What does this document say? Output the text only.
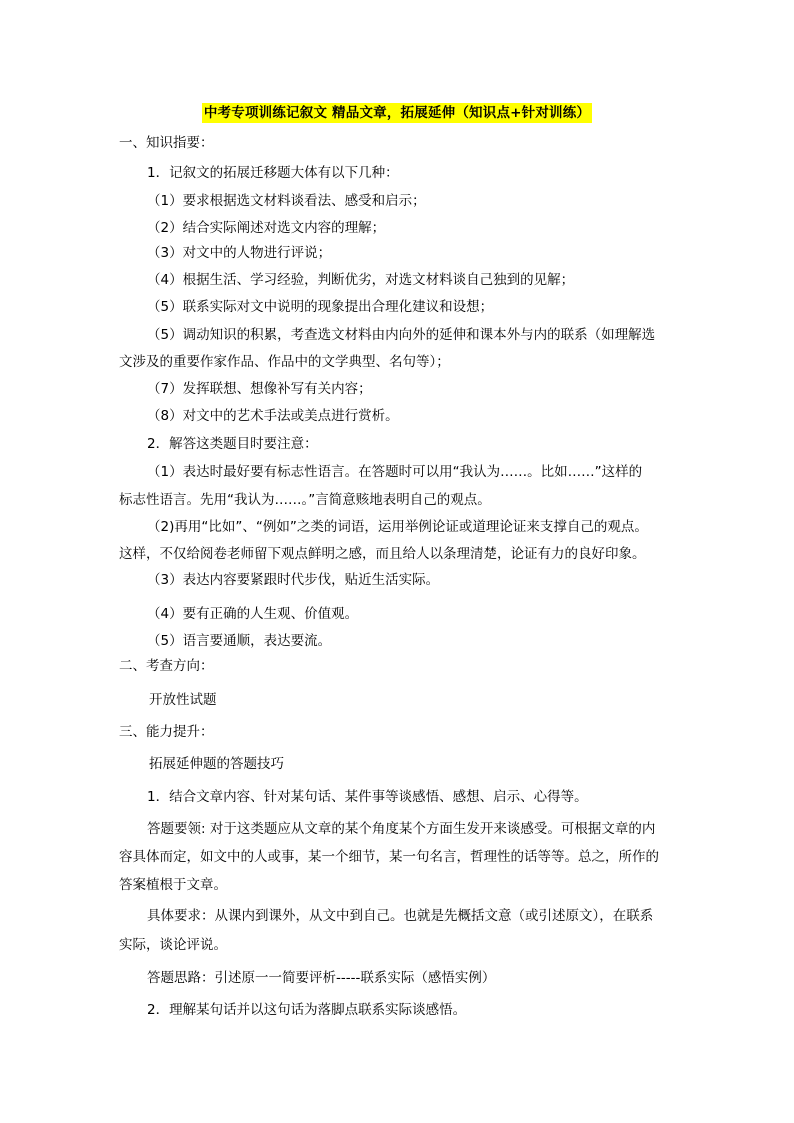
中考专项训练记叙文 精品文章，拓展延伸（知识点+针对训练）
一、知识指要：
1．记叙文的拓展迁移题大体有以下几种：
（1）要求根据选文材料谈看法、感受和启示；
（2）结合实际阐述对选文内容的理解；
（3）对文中的人物进行评说；
（4）根据生活、学习经验，判断优劣，对选文材料谈自己独到的见解；
（5）联系实际对文中说明的现象提出合理化建议和设想；
（5）调动知识的积累，考查选文材料由内向外的延伸和课本外与内的联系（如理解选
文涉及的重要作家作品、作品中的文学典型、名句等）；
（7）发挥联想、想像补写有关内容；
（8）对文中的艺术手法或美点进行赏析。
2．解答这类题目时要注意：
（1）表达时最好要有标志性语言。在答题时可以用“我认为……。比如……”这样的
标志性语言。先用“我认为……。”言简意赅地表明自己的观点。
（2)再用“比如”、“例如”之类的词语，运用举例论证或道理论证来支撑自己的观点。
这样，不仅给阅卷老师留下观点鲜明之感，而且给人以条理清楚，论证有力的良好印象。
（3）表达内容要紧跟时代步伐，贴近生活实际。
（4）要有正确的人生观、价值观。
（5）语言要通顺，表达要流。
二、考查方向：
开放性试题
三、能力提升：
拓展延伸题的答题技巧
1．结合文章内容、针对某句话、某件事等谈感悟、感想、启示、心得等。
答题要领: 对于这类题应从文章的某个角度某个方面生发开来谈感受。可根据文章的内
容具体而定，如文中的人或事，某一个细节，某一句名言，哲理性的话等等。总之，所作的
答案植根于文章。
具体要求：从课内到课外，从文中到自己。也就是先概括文意（或引述原文），在联系
实际，谈论评说。
答题思路：引述原一一简要评析-----联系实际（感悟实例）
2．理解某句话并以这句话为落脚点联系实际谈感悟。
